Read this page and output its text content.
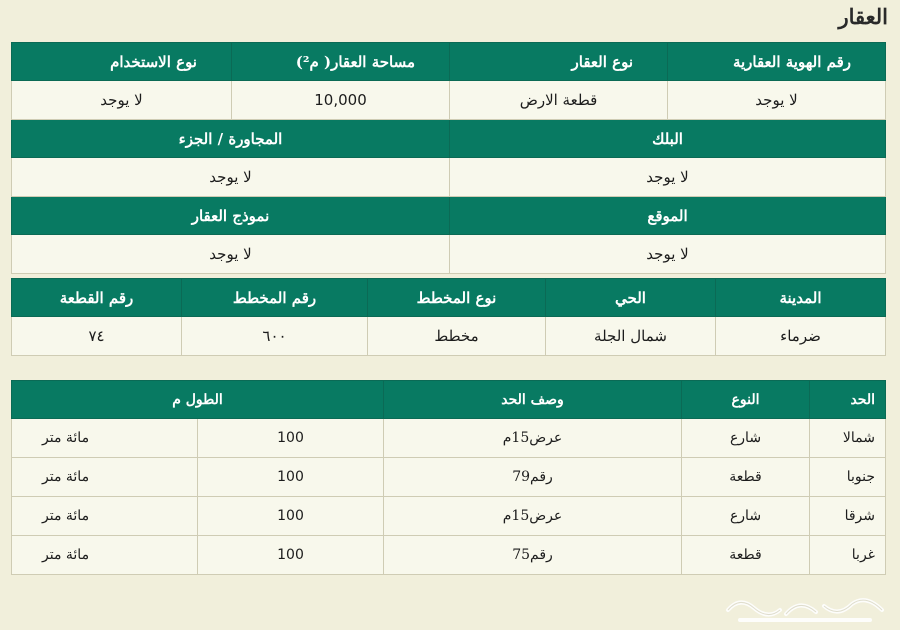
العقار
رقم الهوية العقارية	نوع العقار	مساحة العقار( م²)	نوع الاستخدام
لا يوجد	قطعة الارض	10,000	لا يوجد
البلك		المجاورة / الجزء	
لا يوجد		لا يوجد	
الموقع		نموذج العقار	
لا يوجد		لا يوجد	
المدينة	الحي	نوع المخطط	رقم المخطط	رقم القطعة
ضرماء	شمال الجلة	مخطط	٦٠٠	٧٤
الحد	النوع	وصف الحد	الطول م	
شمالا	شارع	عرض15م	100	مائة متر
جنوبا	قطعة	رقم79	100	مائة متر
شرقا	شارع	عرض15م	100	مائة متر
غربا	قطعة	رقم75	100	مائة متر
